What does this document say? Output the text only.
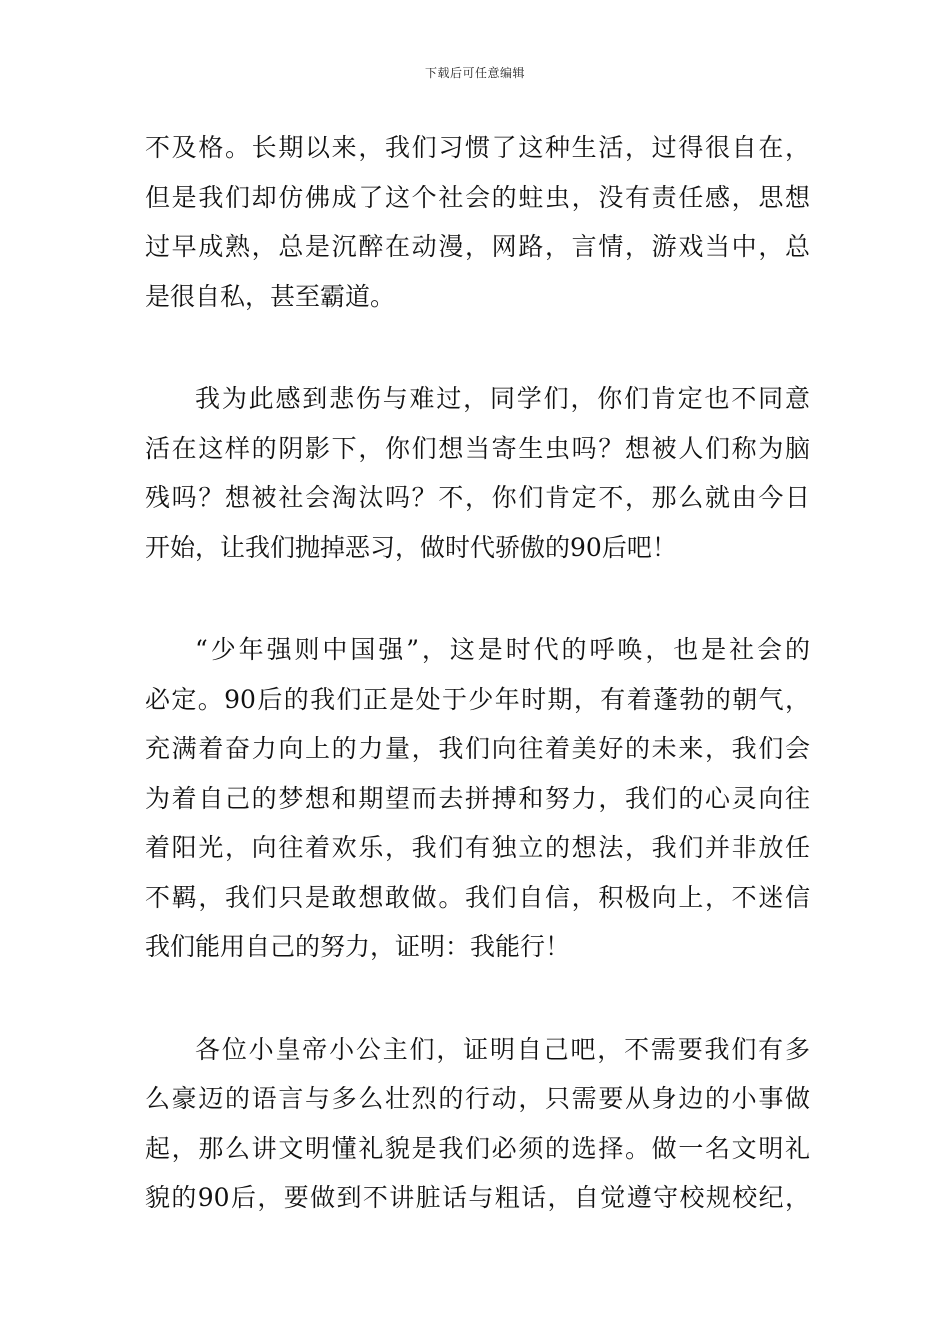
下载后可任意编辑
不及格。长期以来，我们习惯了这种生活，过得很自在，
但是我们却仿佛成了这个社会的蛀虫，没有责任感，思想
过早成熟，总是沉醉在动漫，网路，言情，游戏当中，总
是很自私，甚至霸道。
我为此感到悲伤与难过，同学们，你们肯定也不同意
活在这样的阴影下，你们想当寄生虫吗？想被人们称为脑
残吗？想被社会淘汰吗？不，你们肯定不，那么就由今日
开始，让我们抛掉恶习，做时代骄傲的90后吧！
“少年强则中国强”，这是时代的呼唤，也是社会的
必定。90后的我们正是处于少年时期，有着蓬勃的朝气，
充满着奋力向上的力量，我们向往着美好的未来，我们会
为着自己的梦想和期望而去拼搏和努力，我们的心灵向往
着阳光，向往着欢乐，我们有独立的想法，我们并非放任
不羁，我们只是敢想敢做。我们自信，积极向上，不迷信
我们能用自己的努力，证明：我能行！
各位小皇帝小公主们，证明自己吧，不需要我们有多
么豪迈的语言与多么壮烈的行动，只需要从身边的小事做
起，那么讲文明懂礼貌是我们必须的选择。做一名文明礼
貌的90后，要做到不讲脏话与粗话，自觉遵守校规校纪，
